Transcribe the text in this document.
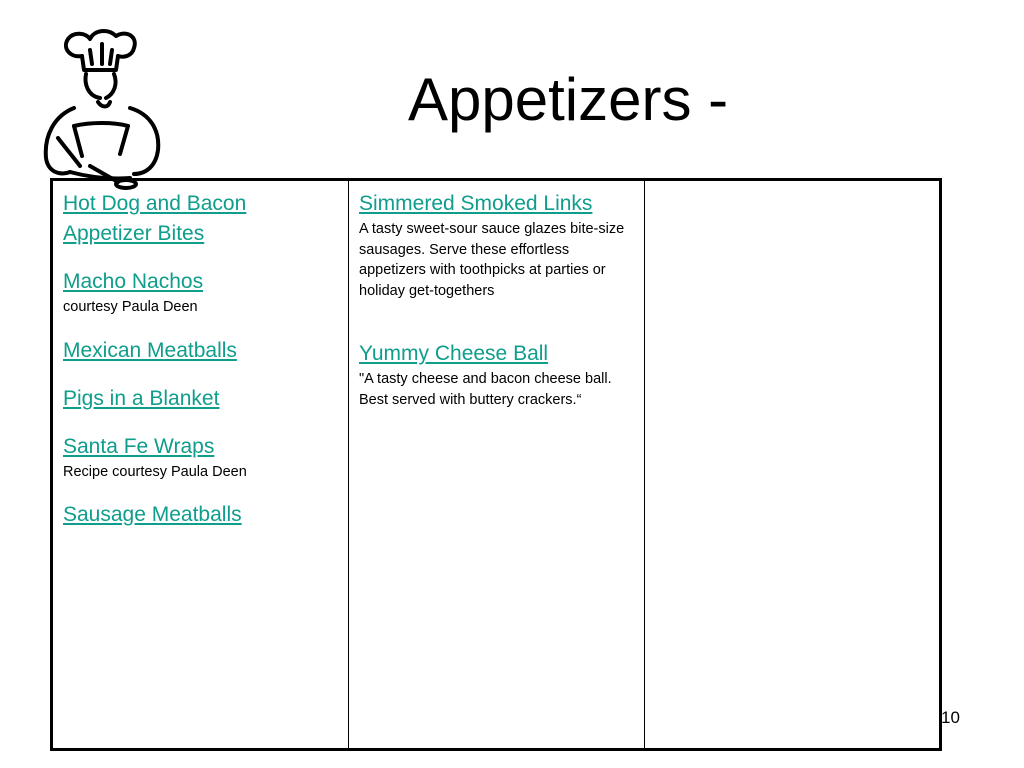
Appetizers -
Hot Dog and Bacon Appetizer Bites
Macho Nachos
courtesy Paula Deen
Mexican Meatballs
Pigs in a Blanket
Santa Fe Wraps
Recipe courtesy Paula Deen
Sausage Meatballs
Simmered Smoked Links
A tasty sweet-sour sauce glazes bite-size sausages. Serve these effortless appetizers with toothpicks at parties or  holiday get-togethers
Yummy Cheese Ball
"A tasty cheese and bacon cheese ball. Best served with buttery crackers.“
10
